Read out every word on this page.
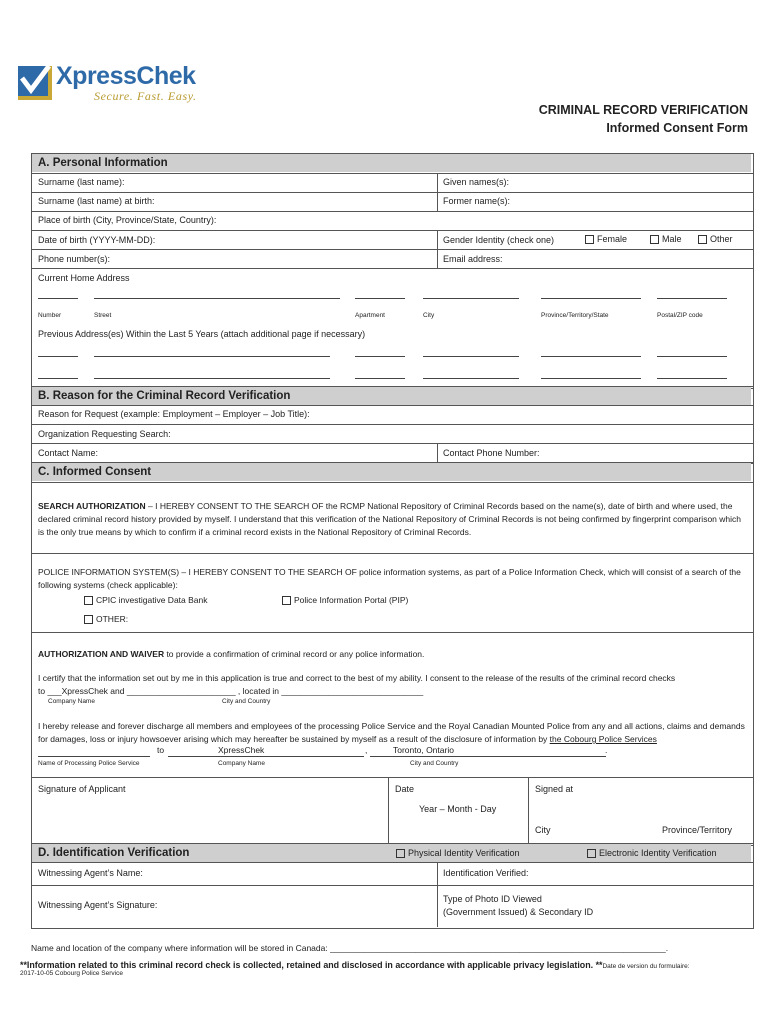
XpressChek
Secure. Fast. Easy.
CRIMINAL RECORD VERIFICATION
Informed Consent Form
A. Personal Information
Surname (last name):	Given names(s):
Surname (last name) at birth:	Former name(s):
Place of birth (City, Province/State, Country):
Date of birth (YYYY-MM-DD):	Gender Identity (check one)	Female	Male	Other
Phone number(s):	Email address:
Current Home Address
Number	Street	Apartment	City	Province/Territory/State	Postal/ZIP code
Previous Address(es) Within the Last 5 Years (attach additional page if necessary)
B. Reason for the Criminal Record Verification
Reason for Request (example: Employment – Employer – Job Title):
Organization Requesting Search:
Contact Name:	Contact Phone Number:
C. Informed Consent
SEARCH AUTHORIZATION – I HEREBY CONSENT TO THE SEARCH OF the RCMP National Repository of Criminal Records based on the name(s), date of birth and where used, the declared criminal record history provided by myself. I understand that this verification of the National Repository of Criminal Records is not being confirmed by fingerprint comparison which is the only true means by which to confirm if a criminal record exists in the National Repository of Criminal Records.
POLICE INFORMATION SYSTEM(S) – I HEREBY CONSENT TO THE SEARCH OF police information systems, as part of a Police Information Check, which will consist of a search of the following systems (check applicable):
CPIC investigative Data Bank	Police Information Portal (PIP)
OTHER:
AUTHORIZATION AND WAIVER to provide a confirmation of criminal record or any police information.
I certify that the information set out by me in this application is true and correct to the best of my ability. I consent to the release of the results of the criminal record checks
to ___XpressChek and _______________________ , located in ______________________________
Company Name	City and Country
I hereby release and forever discharge all members and employees of the processing Police Service and the Royal Canadian Mounted Police from any and all actions, claims and demands for damages, loss or injury howsoever arising which may hereafter be sustained by myself as a result of the disclosure of information by the Cobourg Police Services
to	XpressChek	,	Toronto, Ontario	.
Name of Processing Police Service	Company Name	City and Country
Signature of Applicant	Date	Signed at
Year – Month - Day
City	Province/Territory
D. Identification Verification	Physical Identity Verification	Electronic Identity Verification
Witnessing Agent’s Name:	Identification Verified:
Witnessing Agent’s Signature:
Type of Photo ID Viewed
(Government Issued) & Secondary ID
Name and location of the company where information will be stored in Canada: _______________________________________________________________________.
**Information related to this criminal record check is collected, retained and disclosed in accordance with applicable privacy legislation. **Date de version du formulaire:
2017-10-05 Cobourg Police Service
